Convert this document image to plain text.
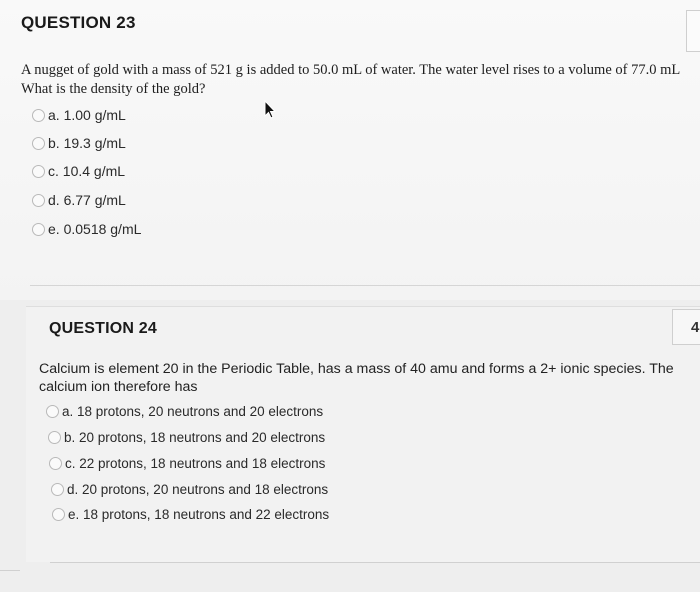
QUESTION 23
A nugget of gold with a mass of 521 g is added to 50.0 mL of water. The water level rises to a volume of 77.0 mL
What is the density of the gold?
a. 1.00 g/mL
b. 19.3 g/mL
c. 10.4 g/mL
d. 6.77 g/mL
e. 0.0518 g/mL
4
QUESTION 24
Calcium is element 20 in the Periodic Table, has a mass of 40 amu and forms a 2+ ionic species. The
calcium ion therefore has
a. 18 protons, 20 neutrons and 20 electrons
b. 20 protons, 18 neutrons and 20 electrons
c. 22 protons, 18 neutrons and 18 electrons
d. 20 protons, 20 neutrons and 18 electrons
e. 18 protons, 18 neutrons and 22 electrons
